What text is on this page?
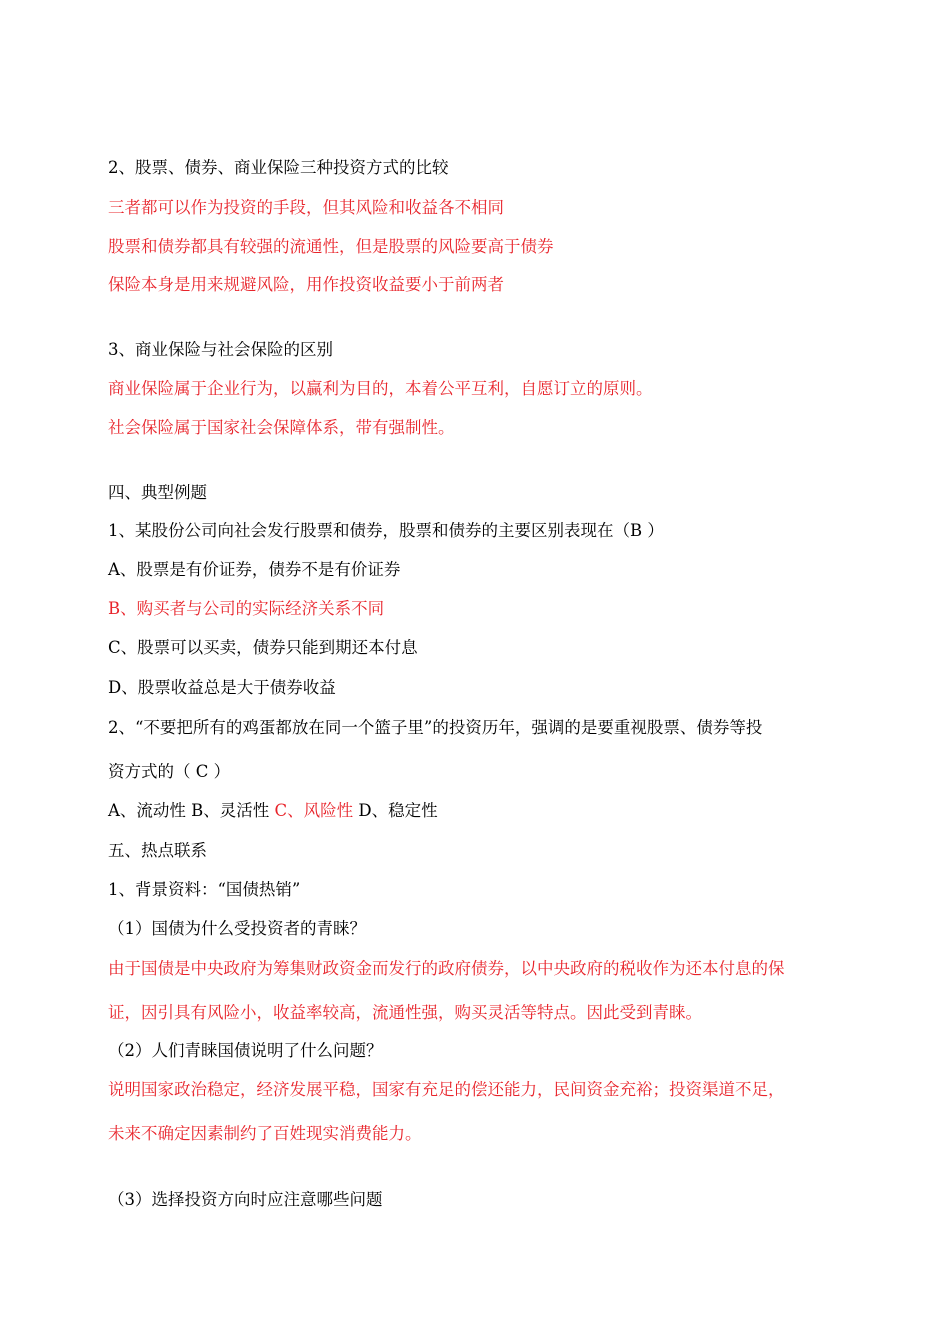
2、股票、债券、商业保险三种投资方式的比较
三者都可以作为投资的手段，但其风险和收益各不相同
股票和债券都具有较强的流通性，但是股票的风险要高于债券
保险本身是用来规避风险，用作投资收益要小于前两者
3、商业保险与社会保险的区别
商业保险属于企业行为，以赢利为目的，本着公平互利，自愿订立的原则。
社会保险属于国家社会保障体系，带有强制性。
四、典型例题
1、某股份公司向社会发行股票和债券，股票和债券的主要区别表现在（B ）
A、股票是有价证券，债券不是有价证券
B、购买者与公司的实际经济关系不同
C、股票可以买卖，债券只能到期还本付息
D、股票收益总是大于债券收益
2、“不要把所有的鸡蛋都放在同一个篮子里”的投资历年，强调的是要重视股票、债券等投
资方式的（ C ）
A、流动性 B、灵活性 C、风险性 D、稳定性
五、热点联系
1、背景资料：“国债热销”
（1）国债为什么受投资者的青睐？
由于国债是中央政府为筹集财政资金而发行的政府债券，以中央政府的税收作为还本付息的保
证，因引具有风险小，收益率较高，流通性强，购买灵活等特点。因此受到青睐。
（2）人们青睐国债说明了什么问题？
说明国家政治稳定，经济发展平稳，国家有充足的偿还能力，民间资金充裕；投资渠道不足，
未来不确定因素制约了百姓现实消费能力。
（3）选择投资方向时应注意哪些问题
